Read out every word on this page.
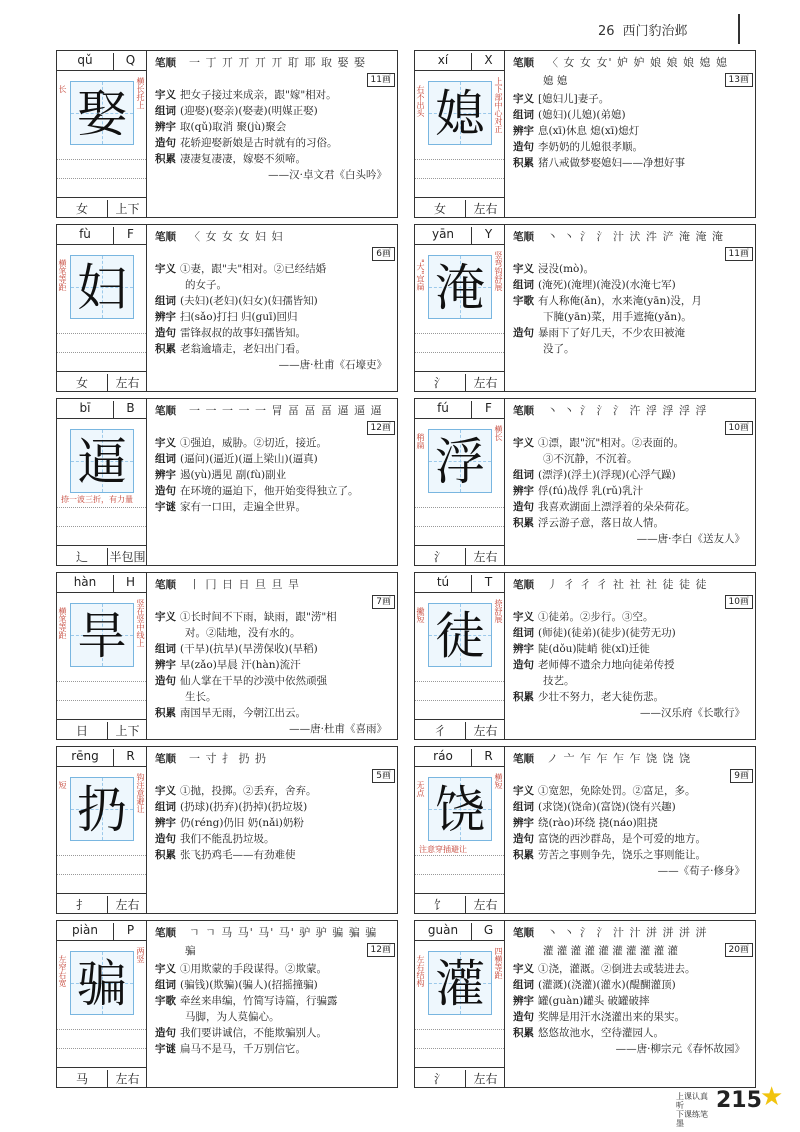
26 西门豹治邺
qǔ	Q
娶
长	横长托上
女	上下
笔顺 一 丁 丌 丌 丌 丌 耵 耶 取 娶 娶
11画
宇义 把女子接过来成亲，跟"嫁"相对。
组词 (迎娶)(娶亲)(娶妻)(明媒正娶)
辨宇 取(qǔ)取消 聚(jù)聚会
造句 花轿迎娶新娘是古时就有的习俗。
积累 凄凄复凄凄，嫁娶不须啼。
——汉·卓文君《白头吟》
xí	X
媳
右不出头	上下部中心对正
女	左右
笔顺 〈 女 女 女' 妒 妒 娘 娘 娘 媳 媳
媳 媳	13画
宇义 [媳妇儿]妻子。
组词 (媳妇)(儿媳)(弟媳)
辨宇 息(xī)休息 熄(xī)熄灯
造句 李奶奶的儿媳很孝顺。
积累 猪八戒做梦娶媳妇——净想好事
fù	F
妇
横笔等距
女	左右
笔顺 〈 女 女 女 妇 妇
6画
宇义 ①妻，跟"夫"相对。②已经结婚
的女子。
组词 (夫妇)(老妇)(妇女)(妇孺皆知)
辨宇 扫(sǎo)打扫 归(guī)回归
造句 雷锋叔叔的故事妇孺皆知。
积累 老翁逾墙走，老妇出门看。
——唐·杜甫《石壕吏》
yān	Y
淹
"大"宜扁	竖弯钩舒展
氵	左右
笔顺 丶 丶 氵 氵 汁 汱 汼 浐 淹 淹 淹
11画
宇义 浸没(mò)。
组词 (淹死)(淹埋)(淹没)(水淹七军)
宇歌 有人称俺(ǎn)，水来淹(yān)没，月
下腌(yān)菜，用手遮掩(yǎn)。
造句 暴雨下了好几天，不少农田被淹
没了。
bī	B
逼
捺一波三折，有力量
辶	半包围
笔顺 一 一 一 一 一 冐 畐 畐 畐 逼 逼 逼
12画
宇义 ①强迫，威胁。②切近，接近。
组词 (逼问)(逼近)(逼上梁山)(逼真)
辨宇 遏(yù)遇见 副(fù)副业
造句 在环境的逼迫下，他开始变得独立了。
宇谜 家有一口田，走遍全世界。
fú	F
浮
稍扁	横长
氵	左右
笔顺 丶 丶 氵 氵 氵 汻 浮 浮 浮 浮
10画
宇义 ①漂，跟"沉"相对。②表面的。
③不沉静，不沉着。
组词 (漂浮)(浮土)(浮现)(心浮气躁)
辨宇 俘(fú)战俘 乳(rǔ)乳汁
造句 我喜欢湖面上漂浮着的朵朵荷花。
积累 浮云游子意，落日故人情。
——唐·李白《送友人》
hàn	H
旱
横笔等距	竖在竖中线上
日	上下
笔顺 丨 冂 日 日 旦 旦 旱
7画
宇义 ①长时间不下雨，缺雨，跟"涝"相
对。②陆地，没有水的。
组词 (干旱)(抗旱)(旱涝保收)(旱稻)
辨宇 早(zǎo)早晨 汗(hàn)流汗
造句 仙人掌在干旱的沙漠中依然顽强
生长。
积累 南国旱无雨，今朝江出云。
——唐·杜甫《喜雨》
tú	T
徒
撇短	捺舒展
彳	左右
笔顺 丿 彳 彳 彳 社 社 社 徒 徒 徒
10画
宇义 ①徒弟。②步行。③空。
组词 (师徒)(徒弟)(徒步)(徒劳无功)
辨宇 陡(dǒu)陡峭 徙(xǐ)迁徙
造句 老师傅不遗余力地向徒弟传授
技艺。
积累 少壮不努力，老大徒伤悲。
——汉乐府《长歌行》
rēng	R
扔
短	钩注意避让
扌	左右
笔顺 一 寸 扌 扔 扔
5画
宇义 ①抛，投掷。②丢弃，舍弃。
组词 (扔球)(扔弃)(扔掉)(扔垃圾)
辨宇 仍(réng)仍旧 奶(nǎi)奶粉
造句 我们不能乱扔垃圾。
积累 张飞扔鸡毛——有劲难使
ráo	R
饶
无点	横短
注意穿插避让
饣	左右
笔顺 ノ 亠 乍 乍 乍 乍 饶 饶 饶
9画
宇义 ①宽恕，免除处罚。②富足，多。
组词 (求饶)(饶命)(富饶)(饶有兴趣)
辨宇 绕(rào)环绕 挠(náo)阻挠
造句 富饶的西沙群岛，是个可爱的地方。
积累 劳苦之事则争先，饶乐之事则能让。
——《荀子·修身》
piàn	P
骗
左窄右宽	两竖
马	左右
笔顺 ㄱ ㄱ 马 马' 马' 马' 驴 驴 骗 骗 骗
骗	12画
宇义 ①用欺蒙的手段谋得。②欺蒙。
组词 (骗钱)(欺骗)(骗人)(招摇撞骗)
宇歌 牵丝来串编，竹简写诗篇，行骗露
马脚，为人莫偏心。
造句 我们要讲诚信，不能欺骗别人。
宇谜 扁马不是马，千万别信它。
guàn	G
灌
左右结构	四横等距
氵	左右
笔顺 丶 丶 氵 氵 汁 汁 洴 洴 洴 洴
灌 灌 灌 灌 灌 灌 灌 灌 灌 灌	20画
宇义 ①浇，灌溉。②倒进去或装进去。
组词 (灌溉)(浇灌)(灌水)(醍醐灌顶)
辨宇 罐(guàn)罐头 破罐破摔
造句 奖牌是用汗水浇灌出来的果实。
积累 悠悠故池水，空待灌园人。
——唐·柳宗元《春怀故园》
上课认真听
下课练笔墨
215
★
